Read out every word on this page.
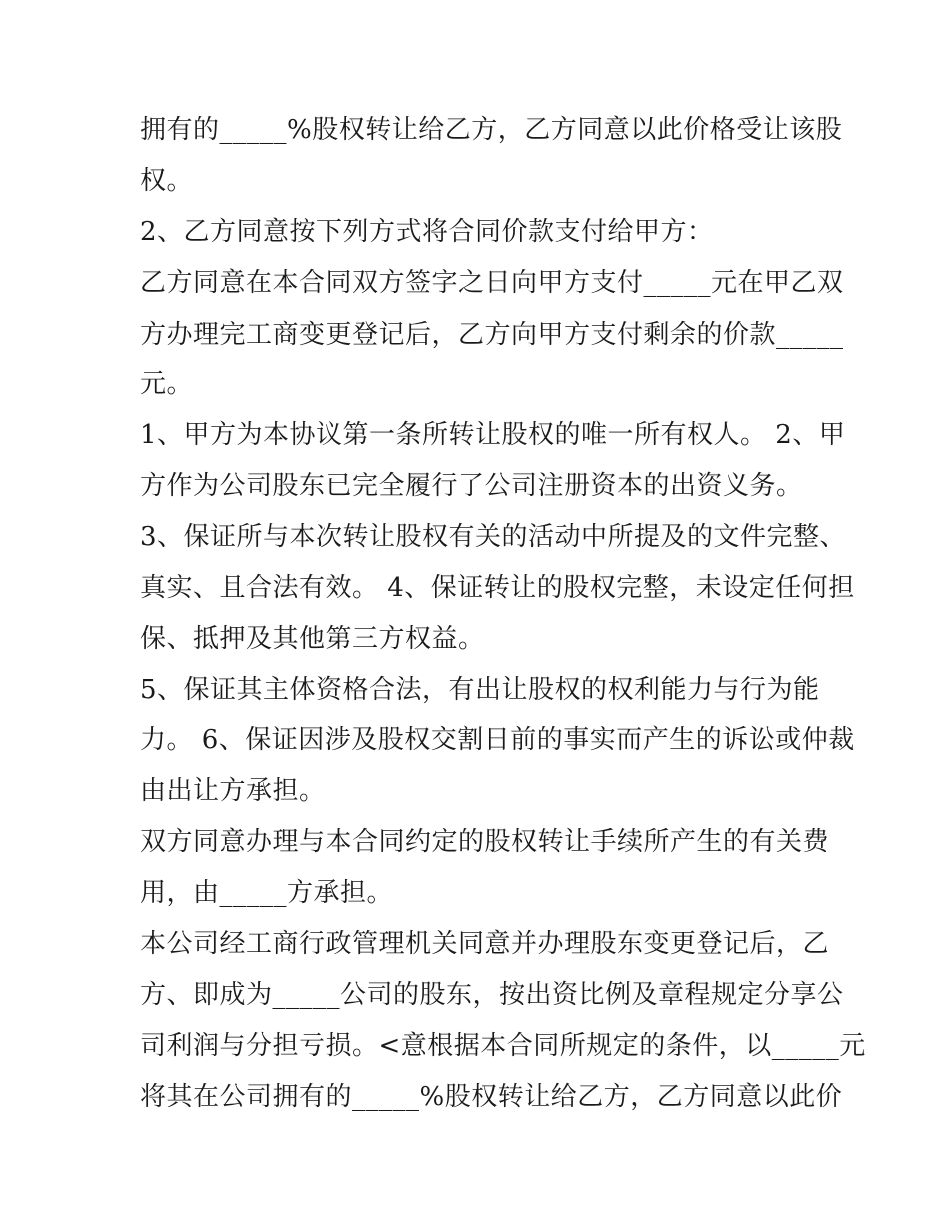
拥有的_____%股权转让给乙方，乙方同意以此价格受让该股
权。
2、乙方同意按下列方式将合同价款支付给甲方：
乙方同意在本合同双方签字之日向甲方支付_____元在甲乙双
方办理完工商变更登记后，乙方向甲方支付剩余的价款_____
元。
1、甲方为本协议第一条所转让股权的唯一所有权人。 2、甲
方作为公司股东已完全履行了公司注册资本的出资义务。
3、保证所与本次转让股权有关的活动中所提及的文件完整、
真实、且合法有效。 4、保证转让的股权完整，未设定任何担
保、抵押及其他第三方权益。
5、保证其主体资格合法，有出让股权的权利能力与行为能
力。 6、保证因涉及股权交割日前的事实而产生的诉讼或仲裁
由出让方承担。
双方同意办理与本合同约定的股权转让手续所产生的有关费
用，由_____方承担。
本公司经工商行政管理机关同意并办理股东变更登记后，乙
方、即成为_____公司的股东，按出资比例及章程规定分享公
司利润与分担亏损。<意根据本合同所规定的条件，以_____元
将其在公司拥有的_____%股权转让给乙方，乙方同意以此价
